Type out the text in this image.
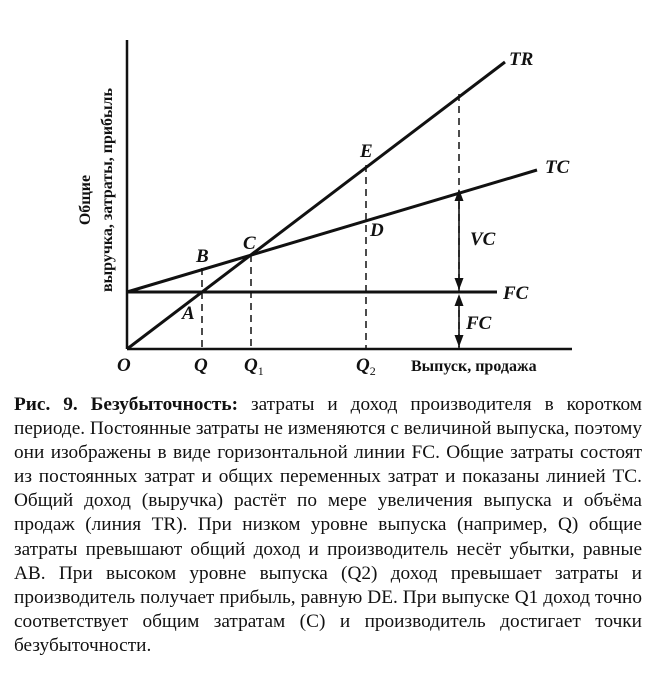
Общие выручка, затраты, прибыль
TR
TC
FC
VC
FC
A
B
C
D
E
O	Q $Q_1$	$Q_2$ Выпуск, продажа
Рис. 9. Безубыточность: затраты и доход производителя в коротком периоде. Постоянные затраты не изменяются с величиной выпуска, поэтому они изображены в виде горизонтальной линии FC. Общие затраты состоят из постоянных затрат и общих переменных затрат и показаны линией TC. Общий доход (выручка) растёт по мере увеличения выпуска и объёма продаж (линия TR). При низком уровне выпуска (например, Q) общие затраты превышают общий доход и производитель несёт убытки, равные AB. При высоком уровне выпуска (Q2) доход превышает затраты и производитель получает прибыль, равную DE. При выпуске Q1 доход точно соответствует общим затратам (C) и производитель достигает точки безубыточности.
